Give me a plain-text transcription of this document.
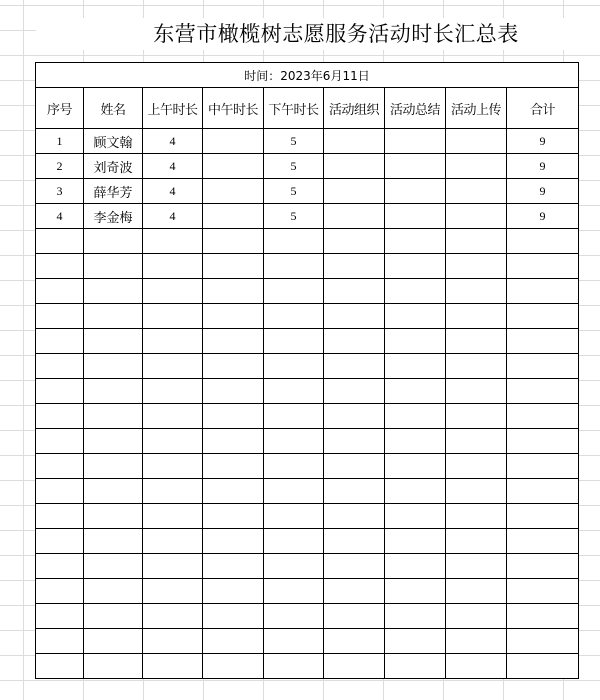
东营市橄榄树志愿服务活动时长汇总表
时间：2023年6月11日								
序号	姓名	上午时长	中午时长	下午时长	活动组织	活动总结	活动上传	合计
1	顾文翰	4		5				9
2	刘奇波	4		5				9
3	薛华芳	4		5				9
4	李金梅	4		5				9
